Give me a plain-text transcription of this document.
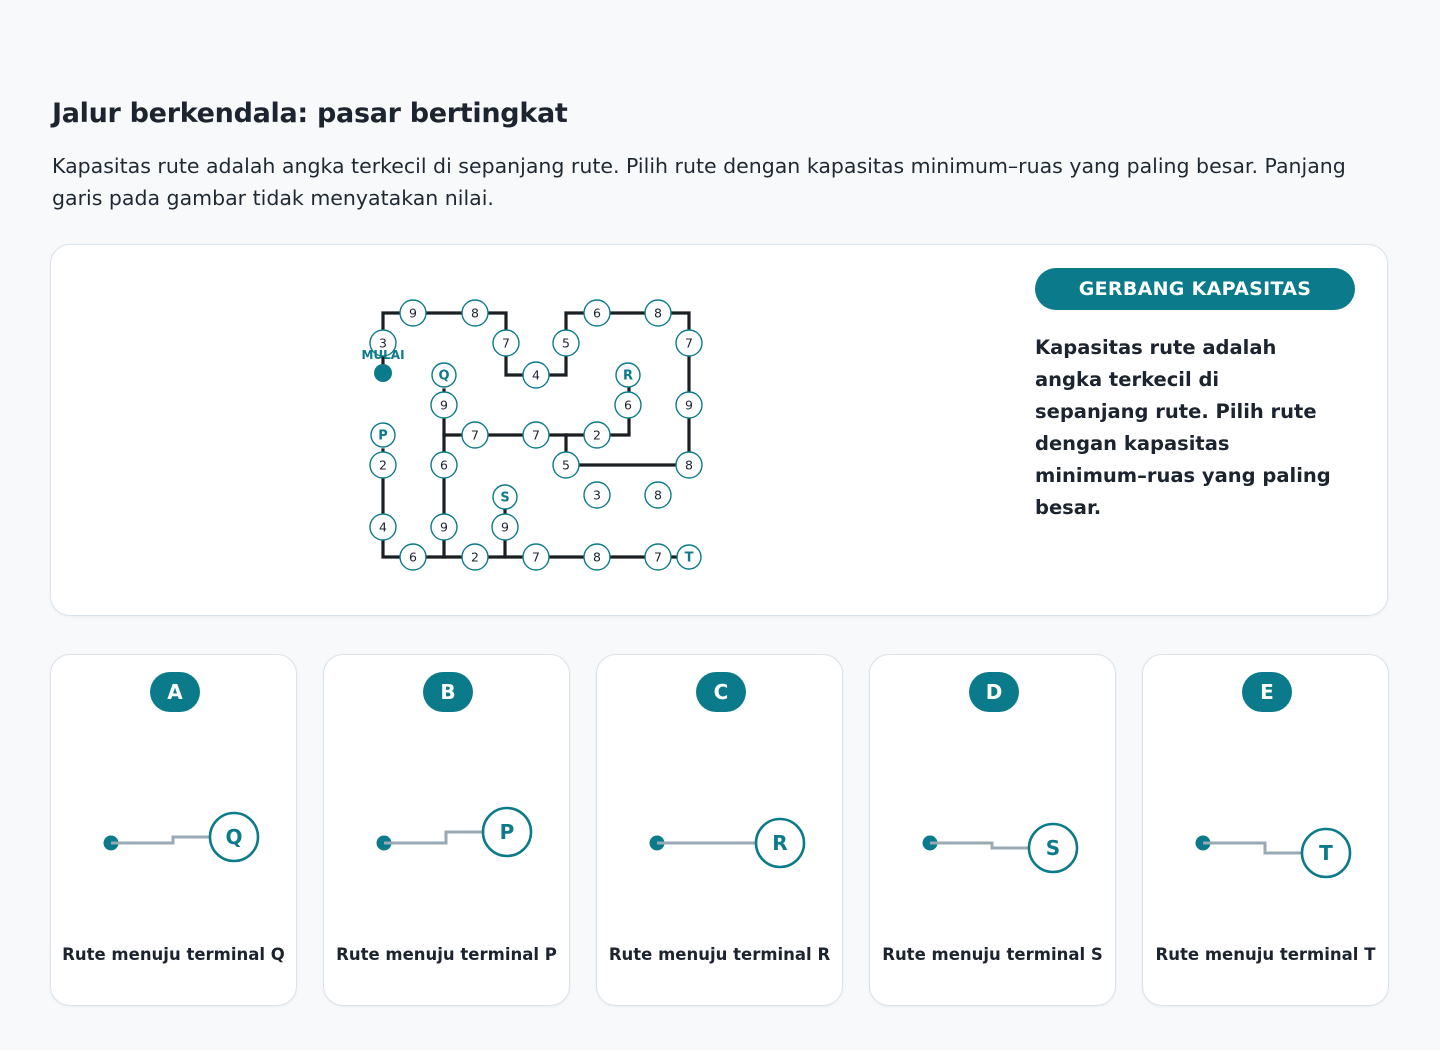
Jalur berkendala: pasar bertingkat

Kapasitas rute adalah angka terkecil di sepanjang rute. Pilih rute dengan kapasitas minimum–ruas yang paling besar. Panjang garis pada gambar tidak menyatakan nilai.

9	8
7
4
5
6	8
7
9
8
3	8
5
2
6
7	7
9
3
2
4
6	2	7	8	7
6
9	9
Q	R
P
S
T
MULAI
GERBANG KAPASITAS
Kapasitas rute adalah angka terkecil di sepanjang rute. Pilih rute dengan kapasitas minimum–ruas yang paling besar.
A
Q
Rute menuju terminal Q
B
P
Rute menuju terminal P
C
R
Rute menuju terminal R
D
S
Rute menuju terminal S
E
T
Rute menuju terminal T
